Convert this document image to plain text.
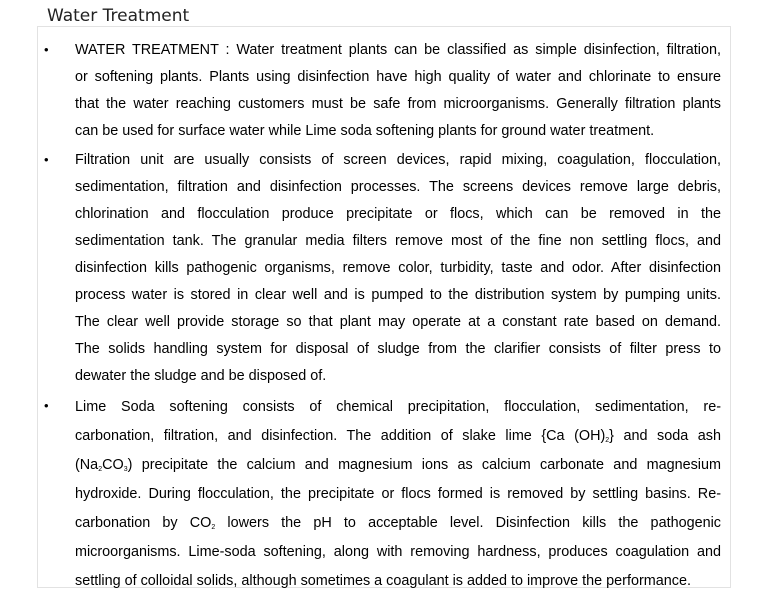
Water Treatment
• WATER TREATMENT : Water treatment plants can be classified as simple disinfection, filtration,
or softening plants. Plants using disinfection have high quality of water and chlorinate to ensure
that the water reaching customers must be safe from microorganisms. Generally filtration plants
can be used for surface water while Lime soda softening plants for ground water treatment.

• Filtration unit are usually consists of screen devices, rapid mixing, coagulation, flocculation,
sedimentation, filtration and disinfection processes. The screens devices remove large debris,
chlorination and flocculation produce precipitate or flocs, which can be removed in the
sedimentation tank. The granular media filters remove most of the fine non settling flocs, and
disinfection kills pathogenic organisms, remove color, turbidity, taste and odor. After disinfection
process water is stored in clear well and is pumped to the distribution system by pumping units.
The clear well provide storage so that plant may operate at a constant rate based on demand.
The solids handling system for disposal of sludge from the clarifier consists of filter press to
dewater the sludge and be disposed of.

• Lime Soda softening consists of chemical precipitation, flocculation, sedimentation, re-
carbonation, filtration, and disinfection. The addition of slake lime {Ca $(OH)_2$} and soda ash
$(Na_2CO_3)$ precipitate the calcium and magnesium ions as calcium carbonate and magnesium
hydroxide. During flocculation, the precipitate or flocs formed is removed by settling basins. Re-
carbonation by $CO_2$ lowers the pH to acceptable level. Disinfection kills the pathogenic
microorganisms. Lime-soda softening, along with removing hardness, produces coagulation and
settling of colloidal solids, although sometimes a coagulant is added to improve the performance.
